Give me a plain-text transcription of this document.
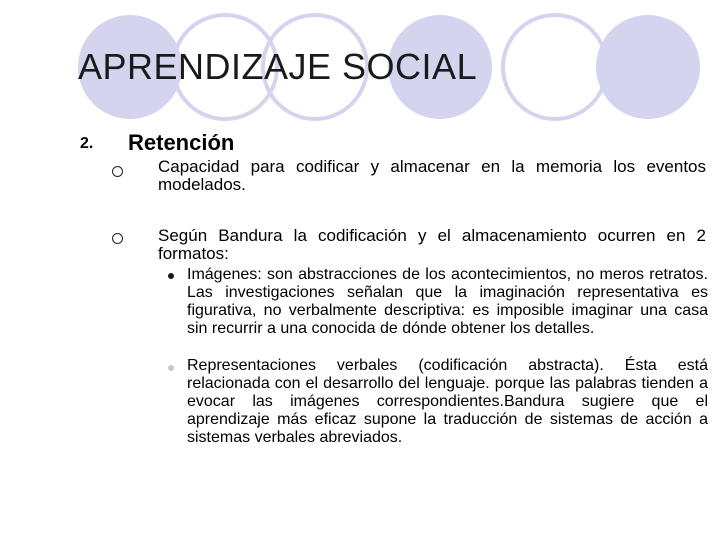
APRENDIZAJE SOCIAL
2. Retención
Capacidad para codificar y almacenar en la memoria los eventos modelados.
Según Bandura la codificación y el almacenamiento ocurren en 2 formatos:
Imágenes: son abstracciones de los acontecimientos, no meros retratos. Las investigaciones señalan que la imaginación representativa es figurativa, no verbalmente descriptiva: es imposible imaginar una casa sin recurrir a una conocida de dónde obtener los detalles.
Representaciones verbales (codificación abstracta). Ésta está relacionada con el desarrollo del lenguaje. porque las palabras tienden a evocar las imágenes correspondientes.Bandura sugiere que el aprendizaje más eficaz supone la traducción de sistemas de acción a sistemas verbales abreviados.
